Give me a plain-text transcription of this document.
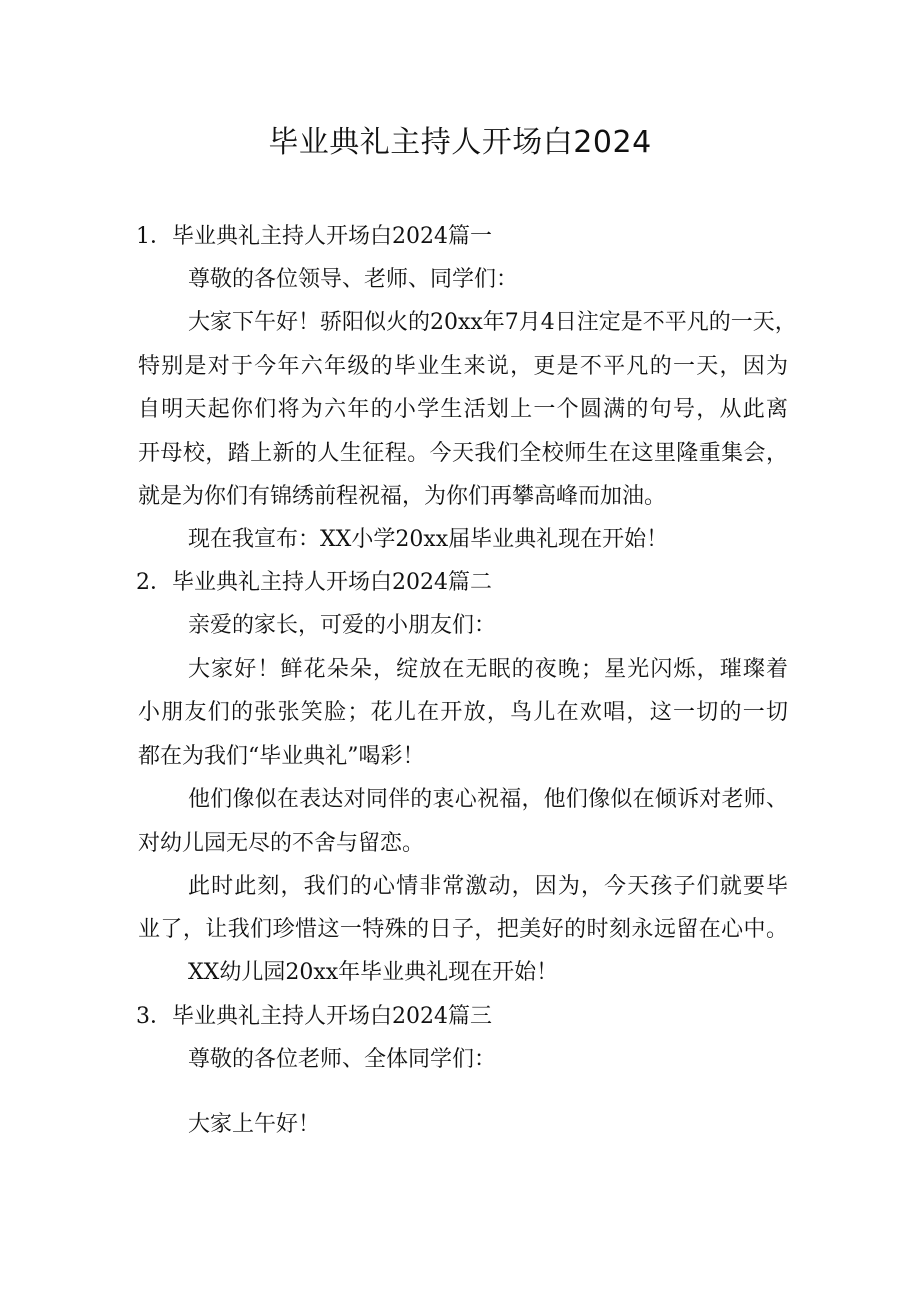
毕业典礼主持人开场白2024
1．毕业典礼主持人开场白2024篇一
尊敬的各位领导、老师、同学们：
大家下午好！骄阳似火的20xx年7月4日注定是不平凡的一天，
特别是对于今年六年级的毕业生来说，更是不平凡的一天，因为
自明天起你们将为六年的小学生活划上一个圆满的句号，从此离
开母校，踏上新的人生征程。今天我们全校师生在这里隆重集会，
就是为你们有锦绣前程祝福，为你们再攀高峰而加油。
现在我宣布：XX小学20xx届毕业典礼现在开始！
2．毕业典礼主持人开场白2024篇二
亲爱的家长，可爱的小朋友们：
大家好！鲜花朵朵，绽放在无眠的夜晚；星光闪烁，璀璨着
小朋友们的张张笑脸；花儿在开放，鸟儿在欢唱，这一切的一切
都在为我们“毕业典礼”喝彩！
他们像似在表达对同伴的衷心祝福，他们像似在倾诉对老师、
对幼儿园无尽的不舍与留恋。
此时此刻，我们的心情非常激动，因为，今天孩子们就要毕
业了，让我们珍惜这一特殊的日子，把美好的时刻永远留在心中。
XX幼儿园20xx年毕业典礼现在开始！
3．毕业典礼主持人开场白2024篇三
尊敬的各位老师、全体同学们：
大家上午好！
